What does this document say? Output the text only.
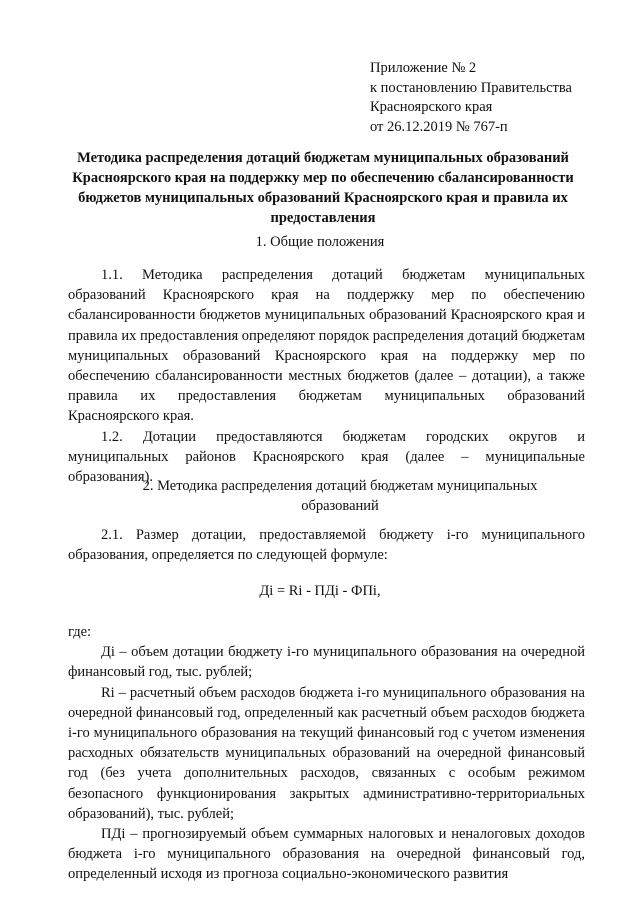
Приложение № 2
к постановлению Правительства
Красноярского края
от 26.12.2019 № 767-п
Методика распределения дотаций бюджетам муниципальных образований Красноярского края на поддержку мер по обеспечению сбалансированности бюджетов муниципальных образований Красноярского края и правила их предоставления
1. Общие положения

1.1. Методика распределения дотаций бюджетам муниципальных образований Красноярского края на поддержку мер по обеспечению сбалансированности бюджетов муниципальных образований Красноярского края и правила их предоставления определяют порядок распределения дотаций бюджетам муниципальных образований Красноярского края на поддержку мер по обеспечению сбалансированности местных бюджетов (далее – дотации), а также правила их предоставления бюджетам муниципальных образований Красноярского края.

1.2. Дотации предоставляются бюджетам городских округов и муниципальных районов Красноярского края (далее – муниципальные образования).

2. Методика распределения дотаций бюджетам муниципальных образований

2.1. Размер дотации, предоставляемой бюджету i-го муниципального образования, определяется по следующей формуле:

Дi = Ri - ПДi - ФПi,

где:

Дi – объем дотации бюджету i-го муниципального образования на очередной финансовый год, тыс. рублей;

Ri – расчетный объем расходов бюджета i-го муниципального образования на очередной финансовый год, определенный как расчетный объем расходов бюджета i-го муниципального образования на текущий финансовый год с учетом изменения расходных обязательств муниципальных образований на очередной финансовый год (без учета дополнительных расходов, связанных с особым режимом безопасного функционирования закрытых административно-территориальных образований), тыс. рублей;

ПДi – прогнозируемый объем суммарных налоговых и неналоговых доходов бюджета i-го муниципального образования на очередной финансовый год, определенный исходя из прогноза социально-экономического развития
